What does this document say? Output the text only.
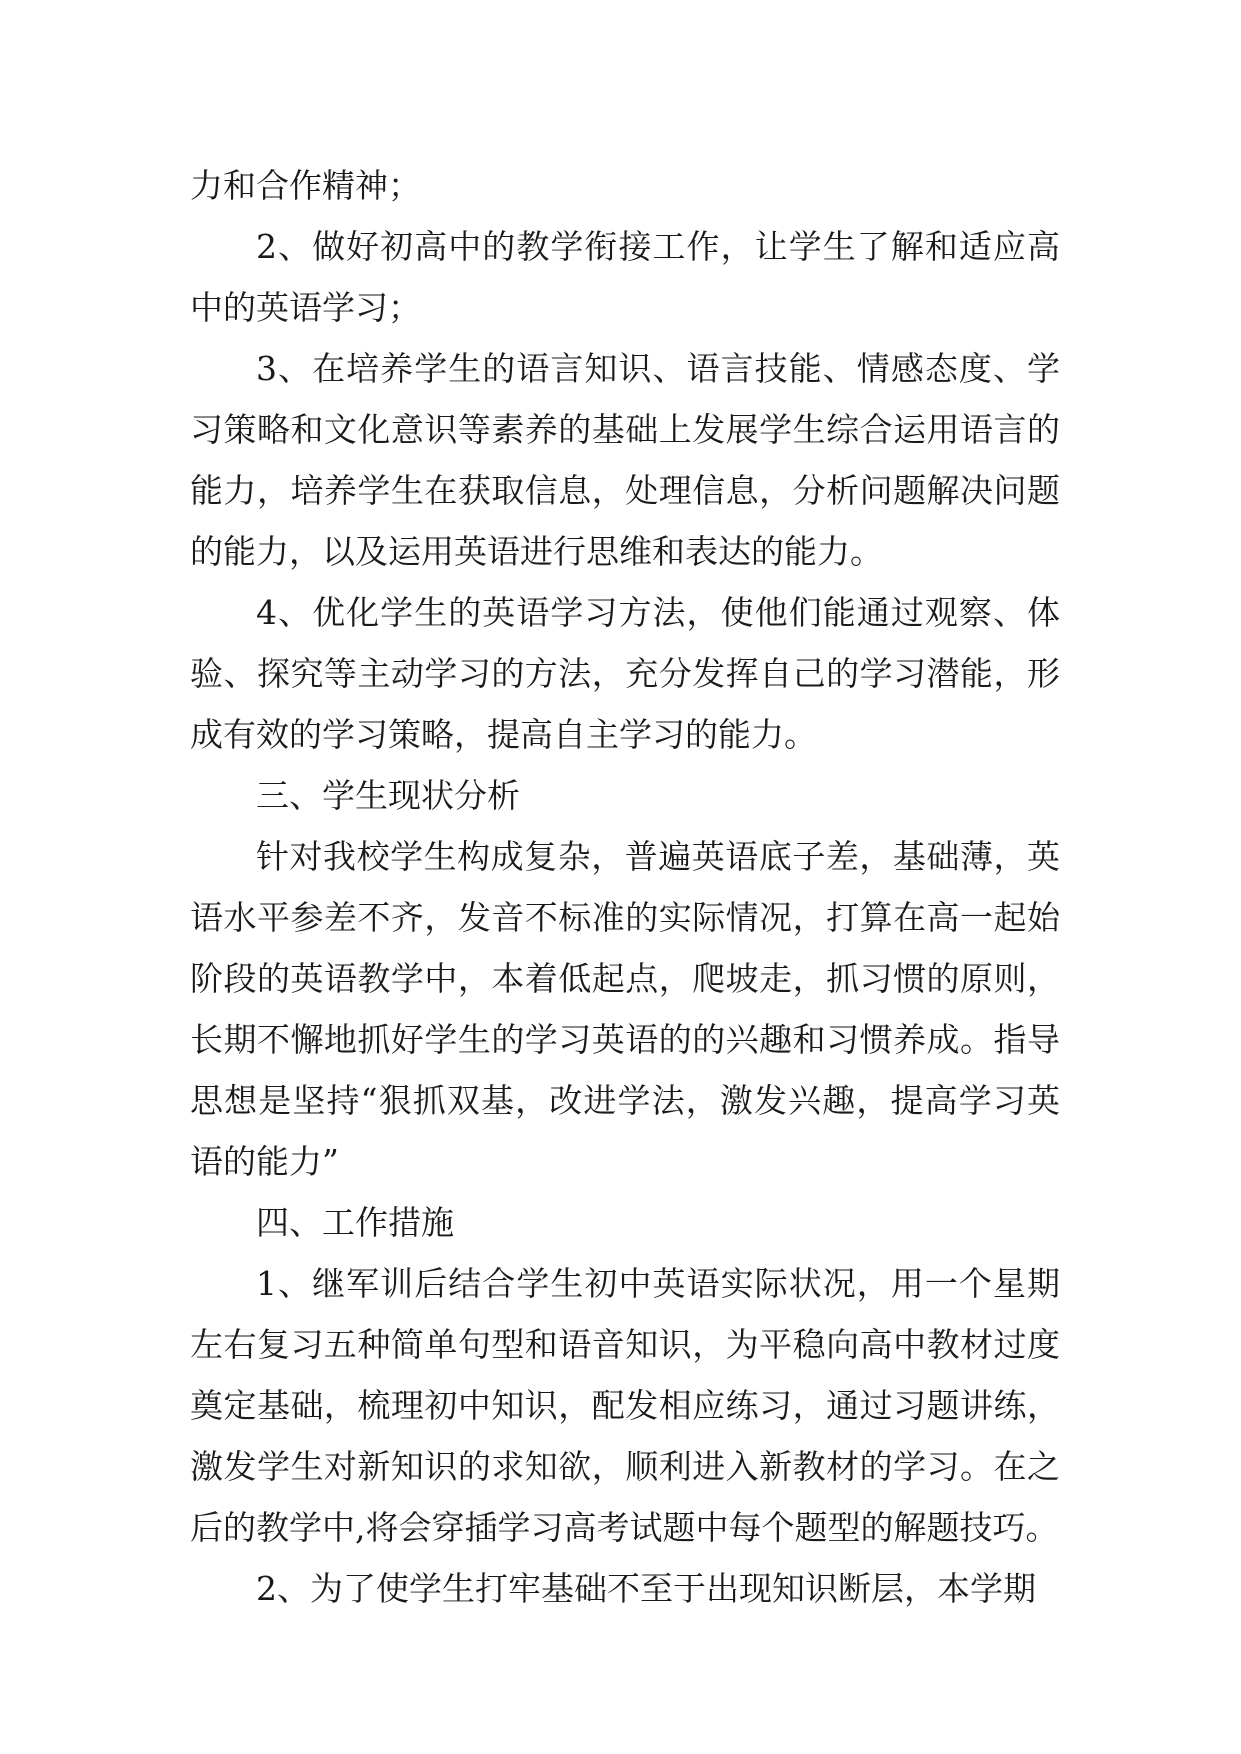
力和合作精神；

2、做好初高中的教学衔接工作，让学生了解和适应高中的英语学习；

3、在培养学生的语言知识、语言技能、情感态度、学习策略和文化意识等素养的基础上发展学生综合运用语言的能力，培养学生在获取信息，处理信息，分析问题解决问题的能力，以及运用英语进行思维和表达的能力。

4、优化学生的英语学习方法，使他们能通过观察、体验、探究等主动学习的方法，充分发挥自己的学习潜能，形成有效的学习策略，提高自主学习的能力。

三、学生现状分析

针对我校学生构成复杂，普遍英语底子差，基础薄，英语水平参差不齐，发音不标准的实际情况，打算在高一起始阶段的英语教学中，本着低起点，爬坡走，抓习惯的原则，长期不懈地抓好学生的学习英语的的兴趣和习惯养成。指导思想是坚持“狠抓双基，改进学法，激发兴趣，提高学习英语的能力”

四、工作措施

1、继军训后结合学生初中英语实际状况，用一个星期左右复习五种简单句型和语音知识，为平稳向高中教材过度奠定基础，梳理初中知识，配发相应练习，通过习题讲练，激发学生对新知识的求知欲，顺利进入新教材的学习。在之后的教学中,将会穿插学习高考试题中每个题型的解题技巧。

2、为了使学生打牢基础不至于出现知识断层，本学期
